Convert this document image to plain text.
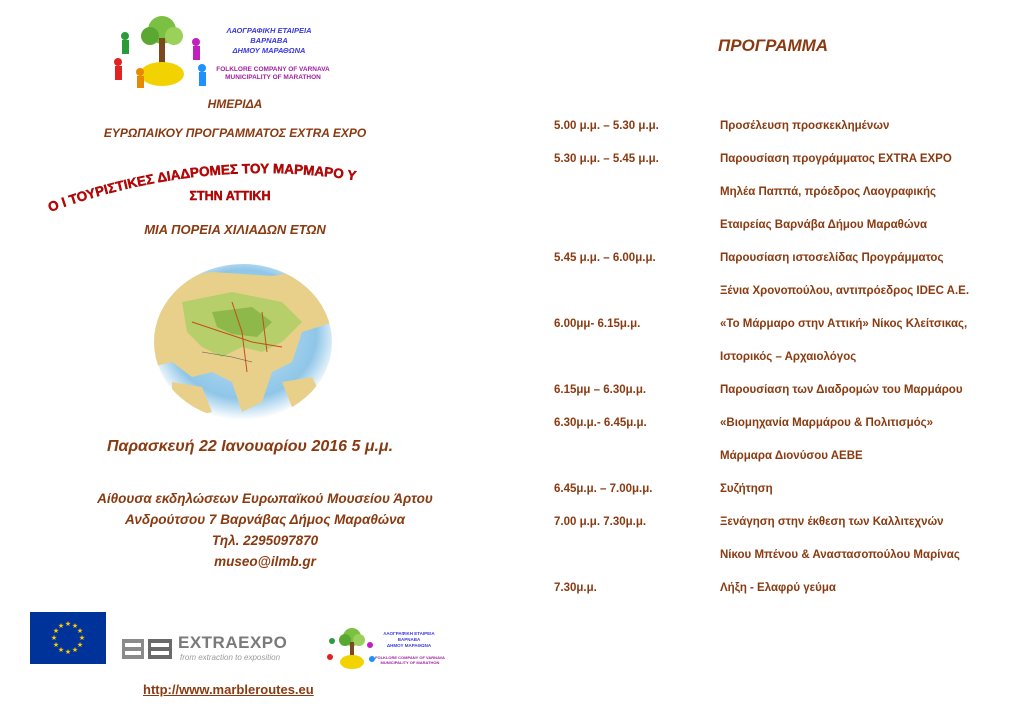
ΛΑΟΓΡΑΦΙΚΗ ΕΤΑΙΡΕΙΑ ΒΑΡΝΑΒΑ
ΔΗΜΟΥ ΜΑΡΑΘΩΝΑ
FOLKLORE COMPANY OF VARNAVA
MUNICIPALITY OF MARATHON
ΗΜΕΡΙΔΑ
ΕΥΡΩΠΑΙΚΟΥ ΠΡΟΓΡΑΜΜΑΤΟΣ EXTRA EXPO
Ο Ι ΤΟΥΡΙΣΤΙΚΕΣ ΔΙΑΔΡΟΜΕΣ ΤΟΥ ΜΑΡΜΑΡΟ Υ
ΣΤΗΝ ΑΤΤΙΚΗ
ΜΙΑ ΠΟΡΕΙΑ ΧΙΛΙΑΔΩΝ ΕΤΩΝ
Παρασκευή 22 Ιανουαρίου 2016 5 μ.μ.
Αίθουσα εκδηλώσεων Ευρωπαϊκού Μουσείου Άρτου
Ανδρούτσου 7 Βαρνάβας Δήμος Μαραθώνα
Τηλ. 2295097870
museo@ilmb.gr
★ ★
★
★
★
★
★
★
★
★
★
★
EXTRAEXPO
from extraction to exposition
ΛΑΟΓΡΑΦΙΚΗ ΕΤΑΙΡΕΙΑ ΒΑΡΝΑΒΑ
ΔΗΜΟΥ ΜΑΡΑΘΩΝΑ
FOLKLORE COMPANY OF VARNAVA
MUNICIPALITY OF MARATHON
http://www.marbleroutes.eu
ΠΡΟΓΡΑΜΜΑ
5.00 μ.μ. – 5.30 μ.μ.	Προσέλευση προσκεκλημένων
5.30 μ.μ. – 5.45 μ.μ.	Παρουσίαση προγράμματος EXTRA EXPO
Μηλέα Παππά, πρόεδρος Λαογραφικής
Εταιρείας Βαρνάβα Δήμου Μαραθώνα
5.45 μ.μ. – 6.00μ.μ.	Παρουσίαση ιστοσελίδας Προγράμματος
Ξένια Χρονοπούλου, αντιπρόεδρος IDEC A.E.
6.00μμ- 6.15μ.μ.	«Το Μάρμαρο στην Αττική» Νίκος Κλείτσικας,
Ιστορικός – Αρχαιολόγος
6.15μμ – 6.30μ.μ.	Παρουσίαση των Διαδρομών του Μαρμάρου
6.30μ.μ.- 6.45μ.μ.	«Βιομηχανία Μαρμάρου & Πολιτισμός»
Μάρμαρα Διονύσου ΑΕΒΕ
6.45μ.μ. – 7.00μ.μ.	Συζήτηση
7.00 μ.μ. 7.30μ.μ.	Ξενάγηση στην έκθεση των Καλλιτεχνών
Νίκου Μπένου & Αναστασοπούλου Μαρίνας
7.30μ.μ.	Λήξη - Ελαφρύ γεύμα
